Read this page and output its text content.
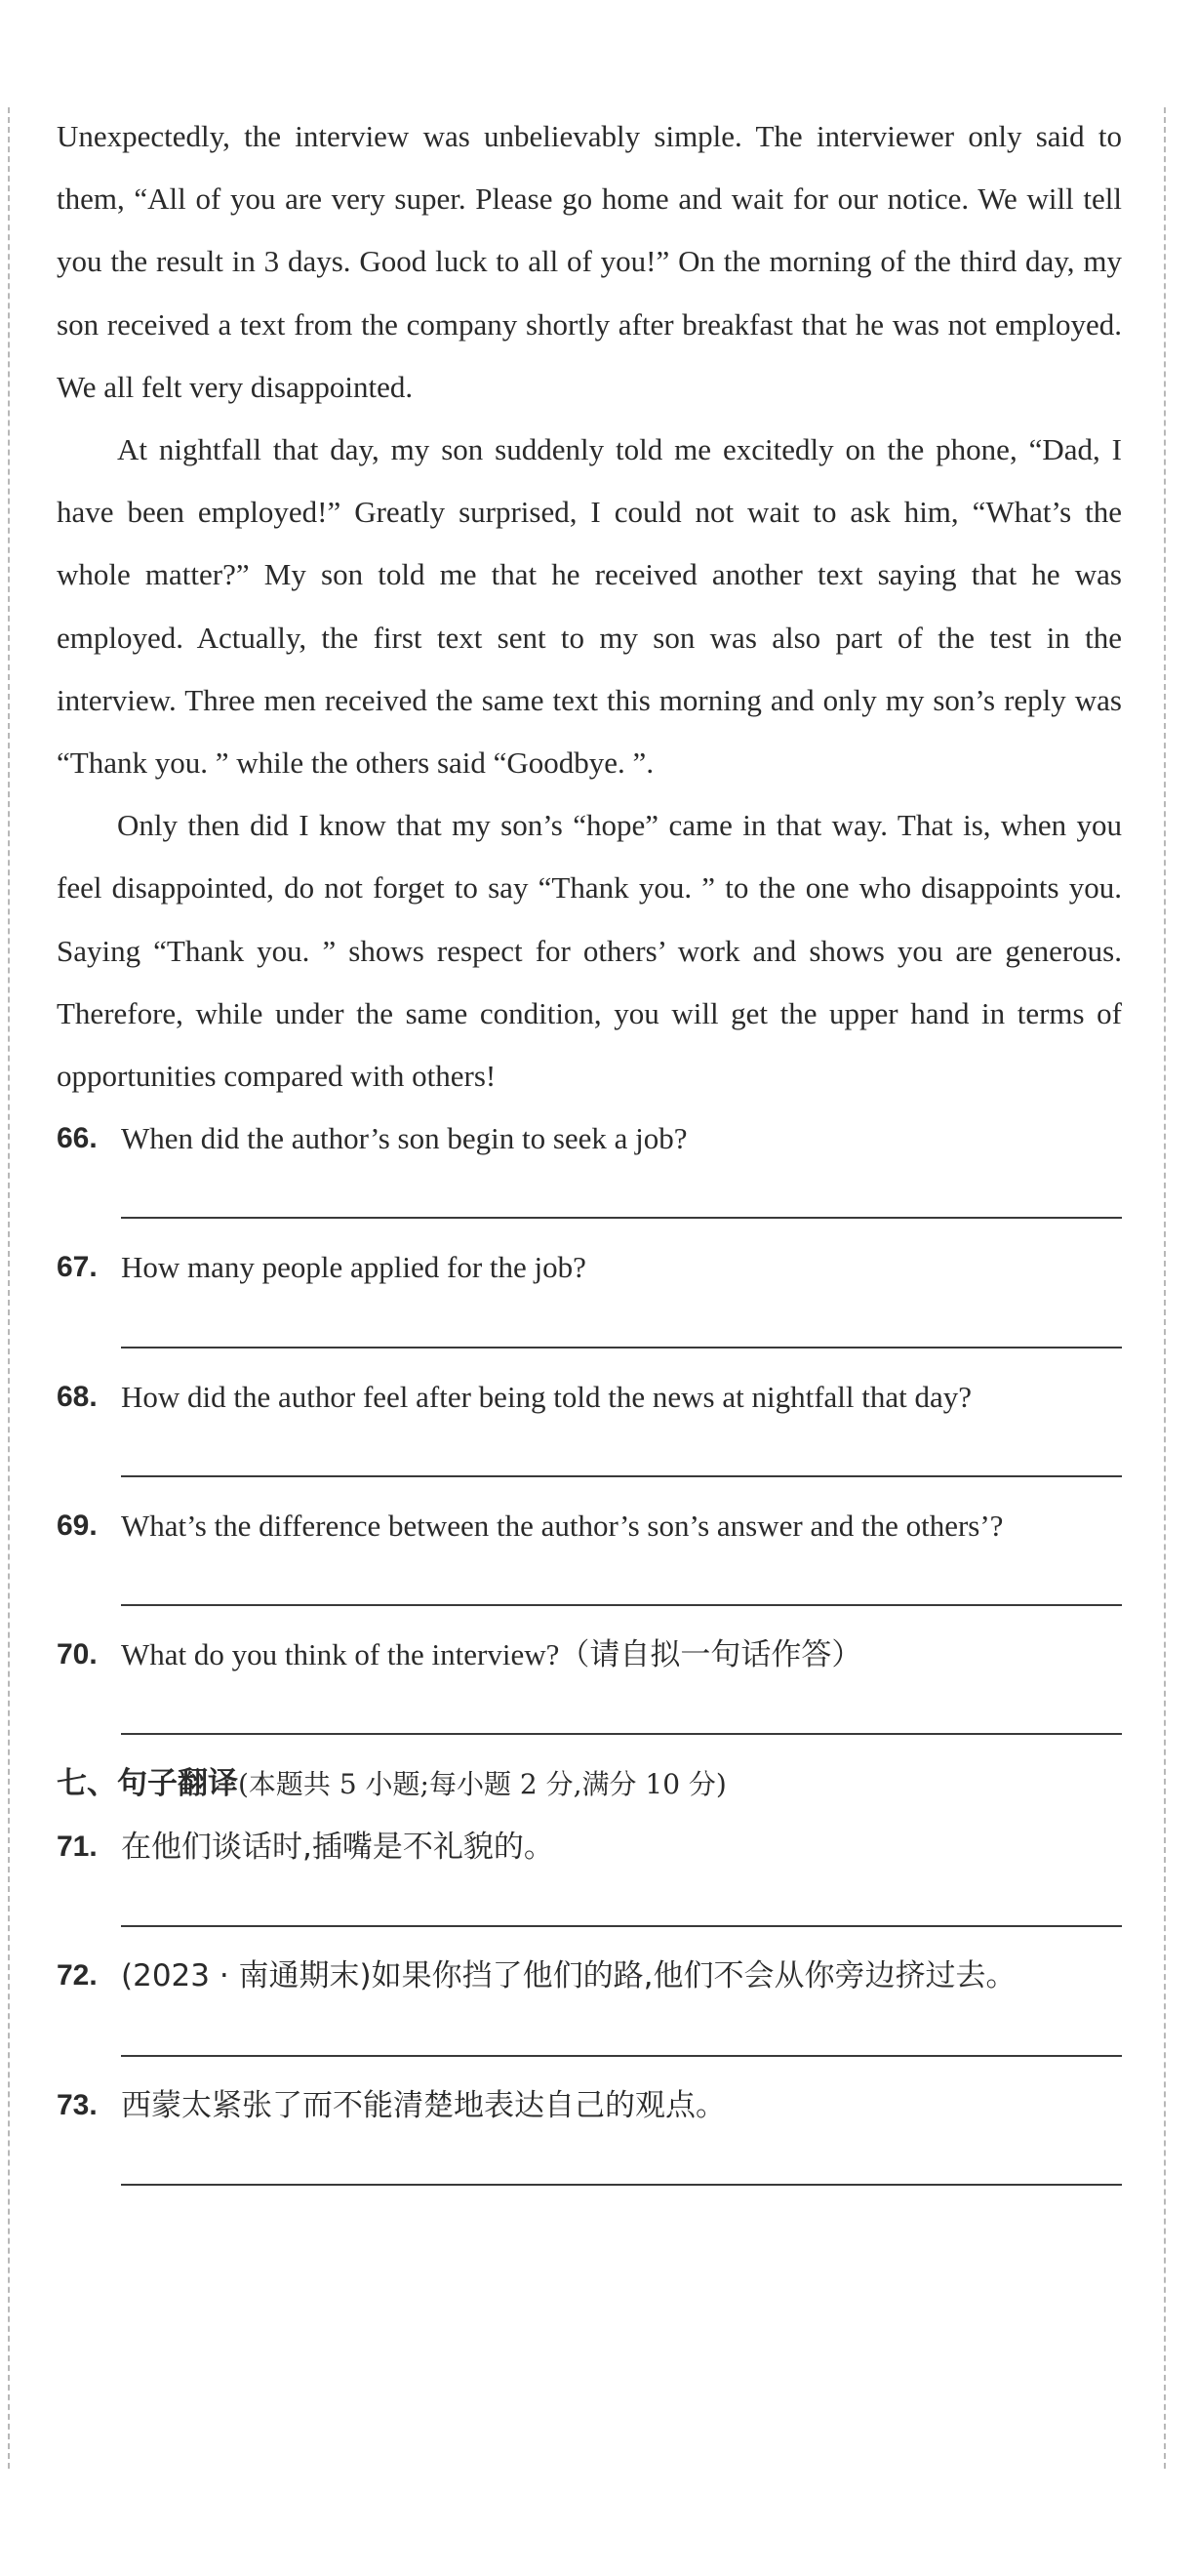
Unexpectedly, the interview was unbelievably simple. The interviewer only said to them, “All of you are very super. Please go home and wait for our notice. We will tell you the result in 3 days. Good luck to all of you!” On the morning of the third day, my son received a text from the company shortly after breakfast that he was not employed. We all felt very disappointed.

At nightfall that day, my son suddenly told me excitedly on the phone, “Dad, I have been employed!” Greatly surprised, I could not wait to ask him, “What’s the whole matter?” My son told me that he received another text saying that he was employed. Actually, the first text sent to my son was also part of the test in the interview. Three men received the same text this morning and only my son’s reply was “Thank you. ” while the others said “Goodbye. ”.

Only then did I know that my son’s “hope” came in that way. That is, when you feel disappointed, do not forget to say “Thank you. ” to the one who disappoints you. Saying “Thank you. ” shows respect for others’ work and shows you are generous. Therefore, while under the same condition, you will get the upper hand in terms of opportunities compared with others!

66. When did the author’s son begin to seek a job?
67. How many people applied for the job?
68. How did the author feel after being told the news at nightfall that day?
69. What’s the difference between the author’s son’s answer and the others’?
70. What do you think of the interview?（请自拟一句话作答）

七、句子翻译(本题共 5 小题;每小题 2 分,满分 10 分)

71. 在他们谈话时,插嘴是不礼貌的。
72. (2023 · 南通期末)如果你挡了他们的路,他们不会从你旁边挤过去。
73. 西蒙太紧张了而不能清楚地表达自己的观点。
